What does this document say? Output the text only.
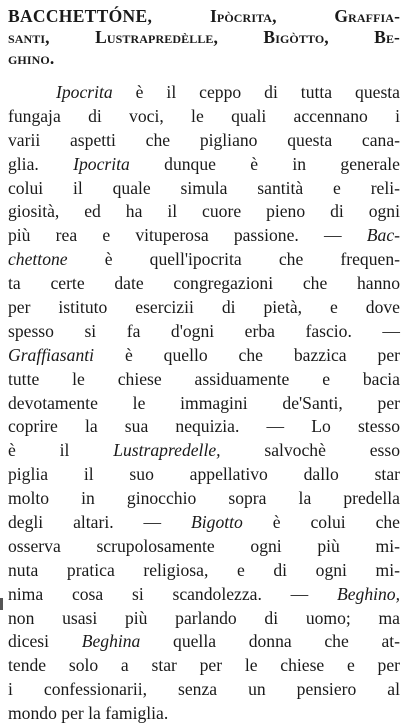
BACCHETTÓNE,	Ipòcrita, Graffia-
santi, Lustrapredèlle, Bigòtto, Be-
ghino.
Ipocrita è il ceppo di tutta questa
fungaja di voci, le quali accennano i
varii aspetti che pigliano questa cana-
glia. Ipocrita dunque è in generale
colui il quale simula santità e reli-
giosità, ed ha il cuore pieno di ogni
più rea e vituperosa passione. — Bac-
chettone è quell'ipocrita che frequen-
ta certe date congregazioni che hanno
per istituto esercizii di pietà, e dove
spesso si fa d'ogni erba fascio. —
Graffiasanti è quello che bazzica per
tutte le chiese assiduamente e bacia
devotamente le immagini de'Santi, per
coprire la sua nequizia. — Lo stesso
è il Lustrapredelle, salvochè esso
piglia il suo appellativo dallo star
molto in ginocchio sopra la predella
degli altari. — Bigotto è colui che
osserva scrupolosamente ogni più mi-
nuta pratica religiosa, e di ogni mi-
nima cosa si scandolezza. — Beghino,
non usasi più parlando di uomo; ma
dicesi Beghina quella donna che at-
tende solo a star per le chiese e per
i confessionarii, senza un pensiero al
mondo per la famiglia.
